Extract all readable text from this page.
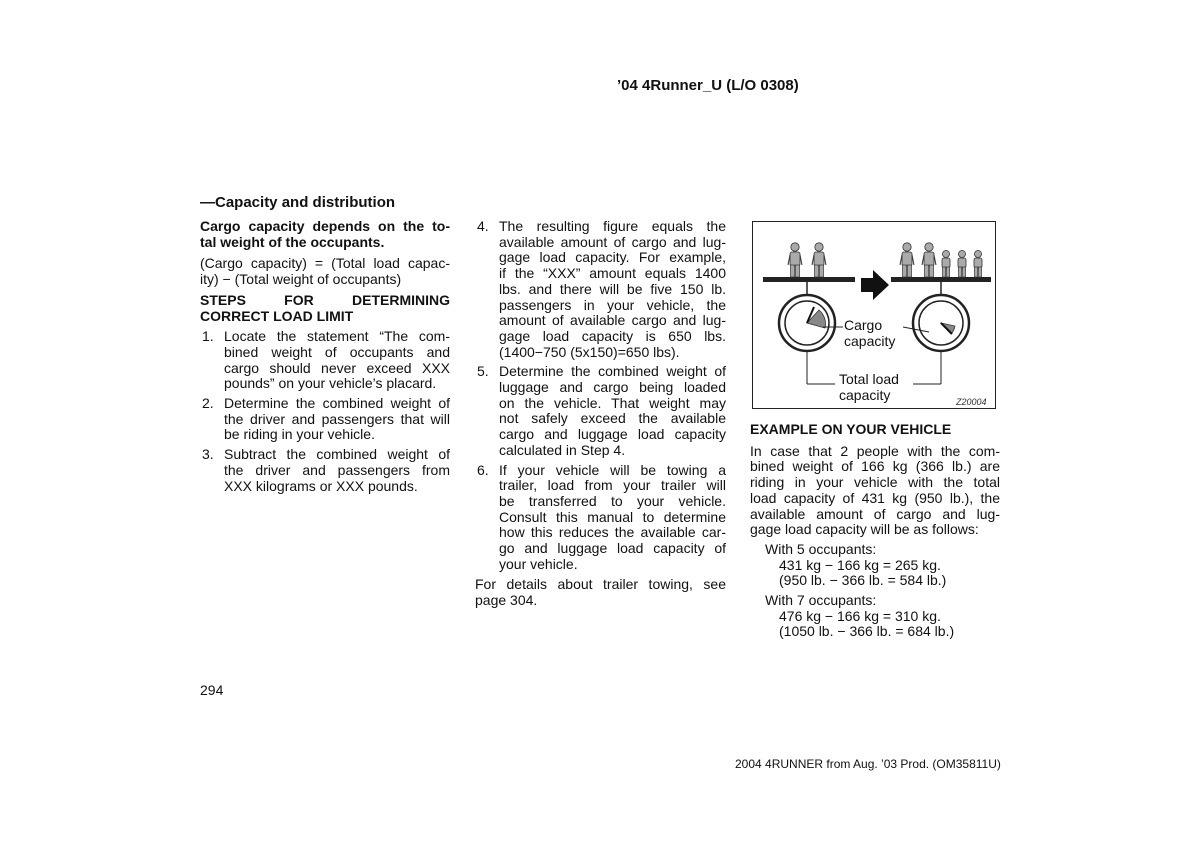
’04 4Runner_U (L/O 0308)
—Capacity and distribution

Cargo capacity depends on the to-

tal weight of the occupants.

(Cargo capacity) = (Total load capac-

ity) − (Total weight of occupants)

STEPS FOR DETERMINING

CORRECT LOAD LIMIT

1. Locate the statement “The com-

bined weight of occupants and

cargo should never exceed XXX

pounds” on your vehicle’s placard.

2. Determine the combined weight of

the driver and passengers that will

be riding in your vehicle.

3. Subtract the combined weight of

the driver and passengers from

XXX kilograms or XXX pounds.

4. The resulting figure equals the

available amount of cargo and lug-

gage load capacity. For example,

if the “XXX” amount equals 1400

lbs. and there will be five 150 lb.

passengers in your vehicle, the

amount of available cargo and lug-

gage load capacity is 650 lbs.

(1400−750 (5x150)=650 lbs).

5. Determine the combined weight of

luggage and cargo being loaded

on the vehicle. That weight may

not safely exceed the available

cargo and luggage load capacity

calculated in Step 4.

6. If your vehicle will be towing a

trailer, load from your trailer will

be transferred to your vehicle.

Consult this manual to determine

how this reduces the available car-

go and luggage load capacity of

your vehicle.

For details about trailer towing, see

page 304.

Cargo
capacity
Total load
capacity	Z20004

EXAMPLE ON YOUR VEHICLE

In case that 2 people with the com-

bined weight of 166 kg (366 lb.) are

riding in your vehicle with the total

load capacity of 431 kg (950 lb.), the

available amount of cargo and lug-

gage load capacity will be as follows:

With 5 occupants:

431 kg − 166 kg = 265 kg.

(950 lb. − 366 lb. = 584 lb.)

With 7 occupants:

476 kg − 166 kg = 310 kg.

(1050 lb. − 366 lb. = 684 lb.)

294
2004 4RUNNER from Aug. ’03 Prod. (OM35811U)
